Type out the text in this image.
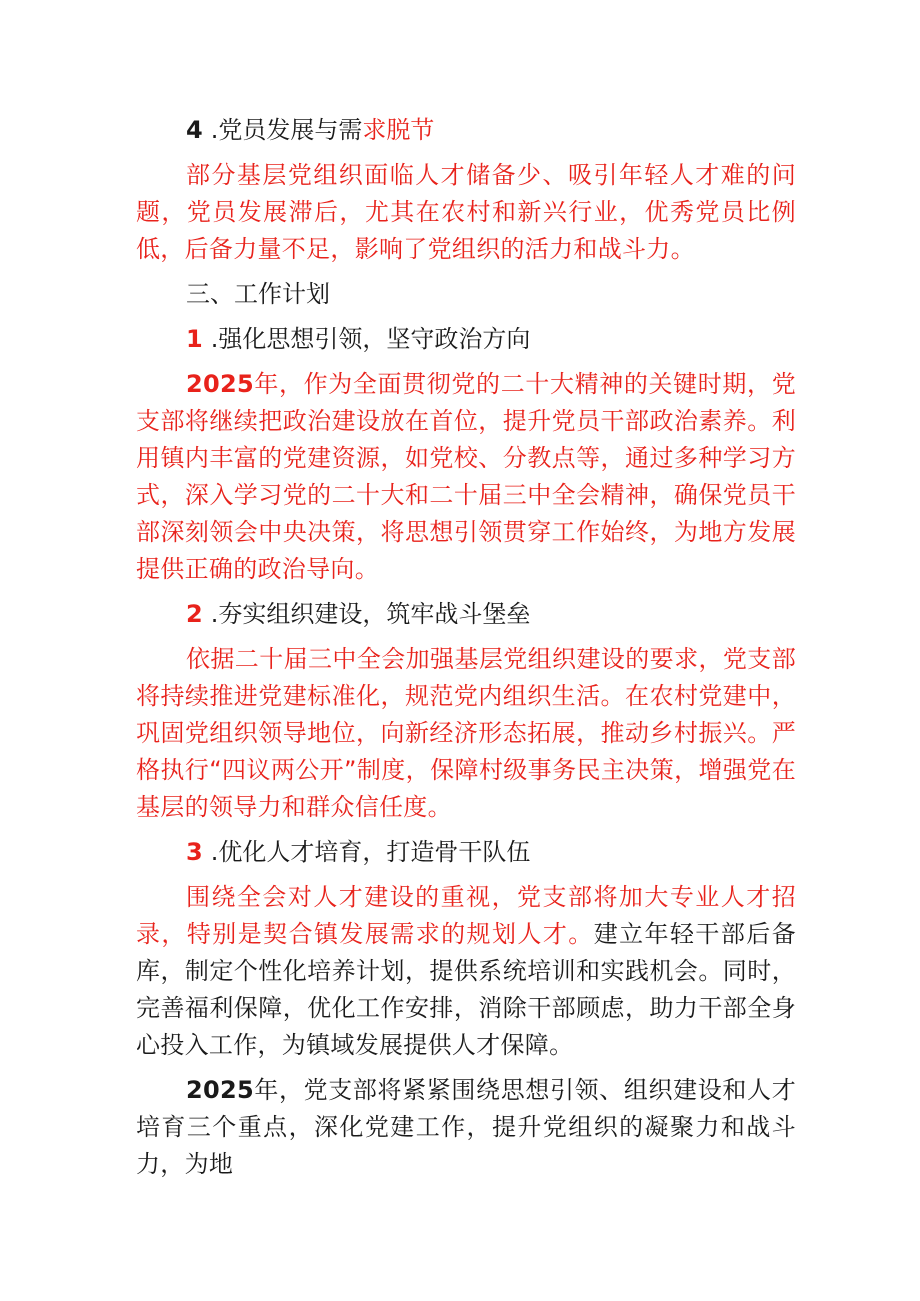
4 .党员发展与需求脱节

部分基层党组织面临人才储备少、吸引年轻人才难的问题，党员发展滞后，尤其在农村和新兴行业，优秀党员比例低，后备力量不足，影响了党组织的活力和战斗力。

三、工作计划
1 .强化思想引领，坚守政治方向

2025年，作为全面贯彻党的二十大精神的关键时期，党支部将继续把政治建设放在首位，提升党员干部政治素养。利用镇内丰富的党建资源，如党校、分教点等，通过多种学习方式，深入学习党的二十大和二十届三中全会精神，确保党员干部深刻领会中央决策，将思想引领贯穿工作始终，为地方发展提供正确的政治导向。

2 .夯实组织建设，筑牢战斗堡垒

依据二十届三中全会加强基层党组织建设的要求，党支部将持续推进党建标准化，规范党内组织生活。在农村党建中，巩固党组织领导地位，向新经济形态拓展，推动乡村振兴。严格执行“四议两公开”制度，保障村级事务民主决策，增强党在基层的领导力和群众信任度。

3 .优化人才培育，打造骨干队伍

围绕全会对人才建设的重视，党支部将加大专业人才招录，特别是契合镇发展需求的规划人才。建立年轻干部后备库，制定个性化培养计划，提供系统培训和实践机会。同时，完善福利保障，优化工作安排，消除干部顾虑，助力干部全身心投入工作，为镇域发展提供人才保障。

2025年，党支部将紧紧围绕思想引领、组织建设和人才培育三个重点，深化党建工作，提升党组织的凝聚力和战斗力，为地
